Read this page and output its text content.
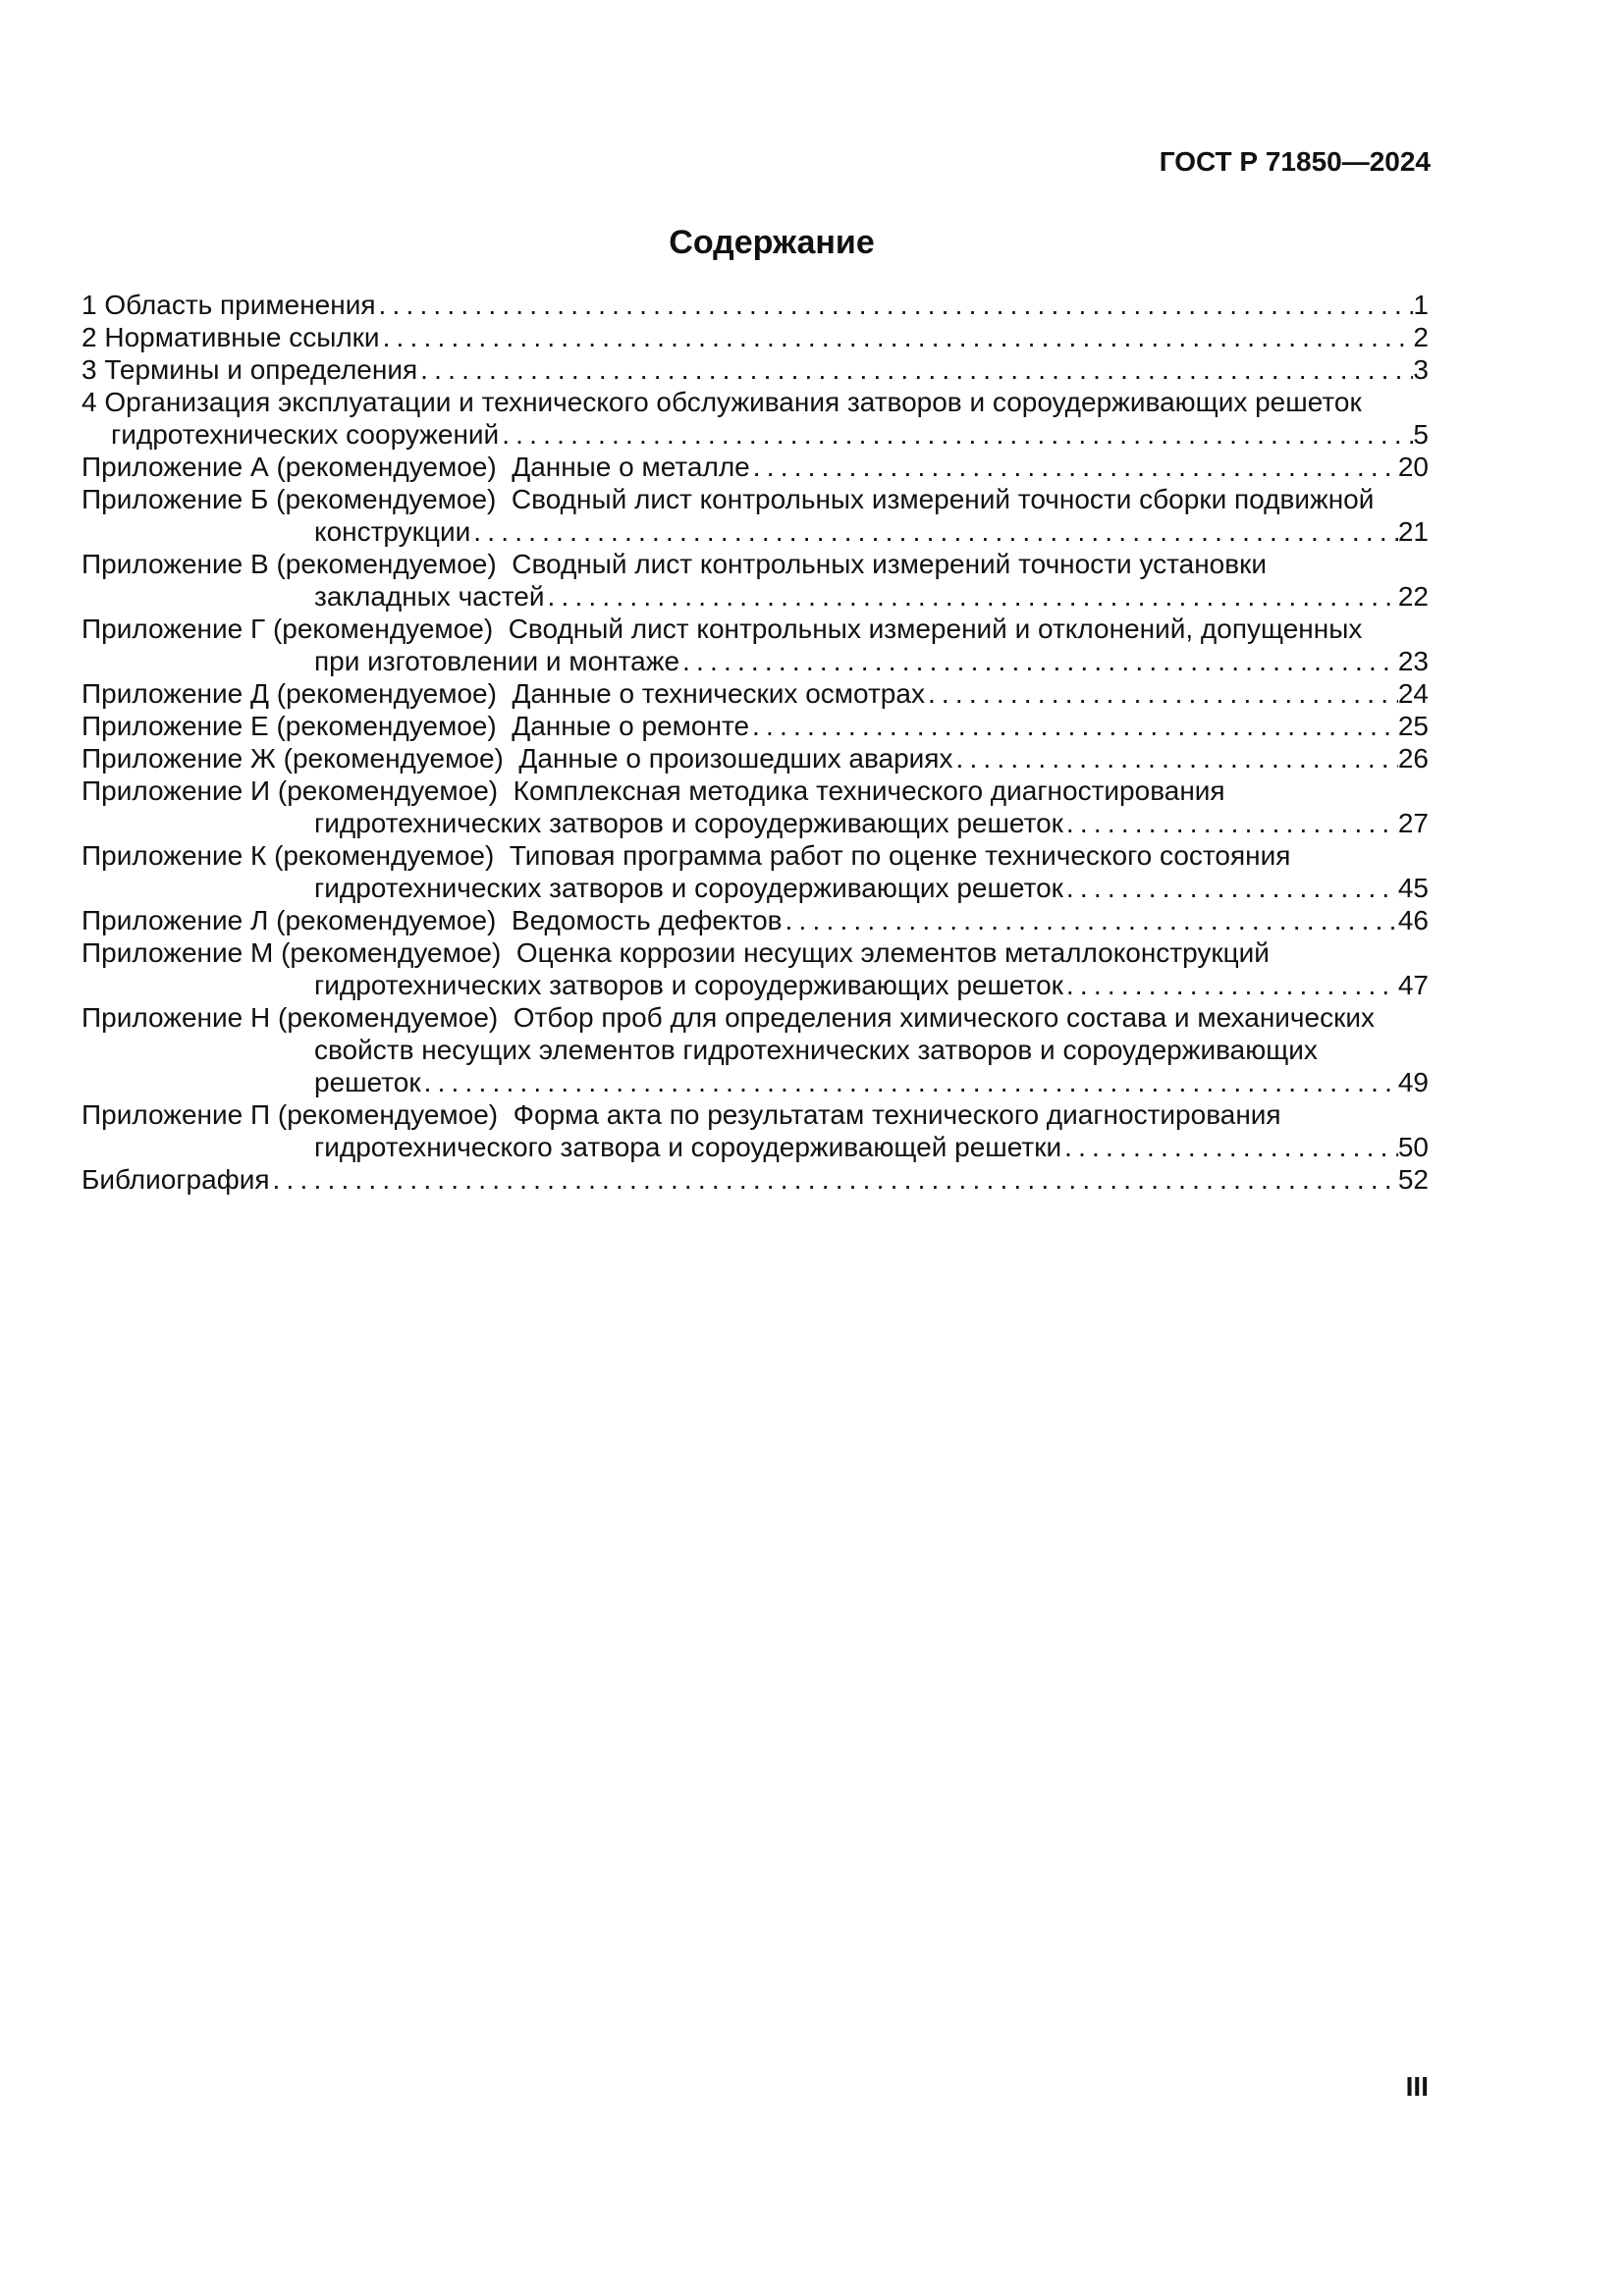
ГОСТ Р 71850—2024
Содержание
1 Область применения .....	1
2 Нормативные ссылки .....	2
3 Термины и определения .....	3
4 Организация эксплуатации и технического обслуживания затворов и сороудерживающих решеток
гидротехнических сооружений .....	5
Приложение А (рекомендуемое)  Данные о металле .....	20
Приложение Б (рекомендуемое)  Сводный лист контрольных измерений точности сборки подвижной
конструкции .....	21
Приложение В (рекомендуемое)  Сводный лист контрольных измерений точности установки
закладных частей .....	22
Приложение Г (рекомендуемое)  Сводный лист контрольных измерений и отклонений, допущенных
при изготовлении и монтаже .....	23
Приложение Д (рекомендуемое)  Данные о технических осмотрах .....	24
Приложение Е (рекомендуемое)  Данные о ремонте .....	25
Приложение Ж (рекомендуемое)  Данные о произошедших авариях .....	26
Приложение И (рекомендуемое)  Комплексная методика технического диагностирования
гидротехнических затворов и сороудерживающих решеток .....	27
Приложение К (рекомендуемое)  Типовая программа работ по оценке технического состояния
гидротехнических затворов и сороудерживающих решеток .....	45
Приложение Л (рекомендуемое)  Ведомость дефектов .....	46
Приложение М (рекомендуемое)  Оценка коррозии несущих элементов металлоконструкций
гидротехнических затворов и сороудерживающих решеток .....	47
Приложение Н (рекомендуемое)  Отбор проб для определения химического состава и механических
свойств несущих элементов гидротехнических затворов и сороудерживающих
решеток .....	49
Приложение П (рекомендуемое)  Форма акта по результатам технического диагностирования
гидротехнического затвора и сороудерживающей решетки .....	50
Библиография .....	52
III
